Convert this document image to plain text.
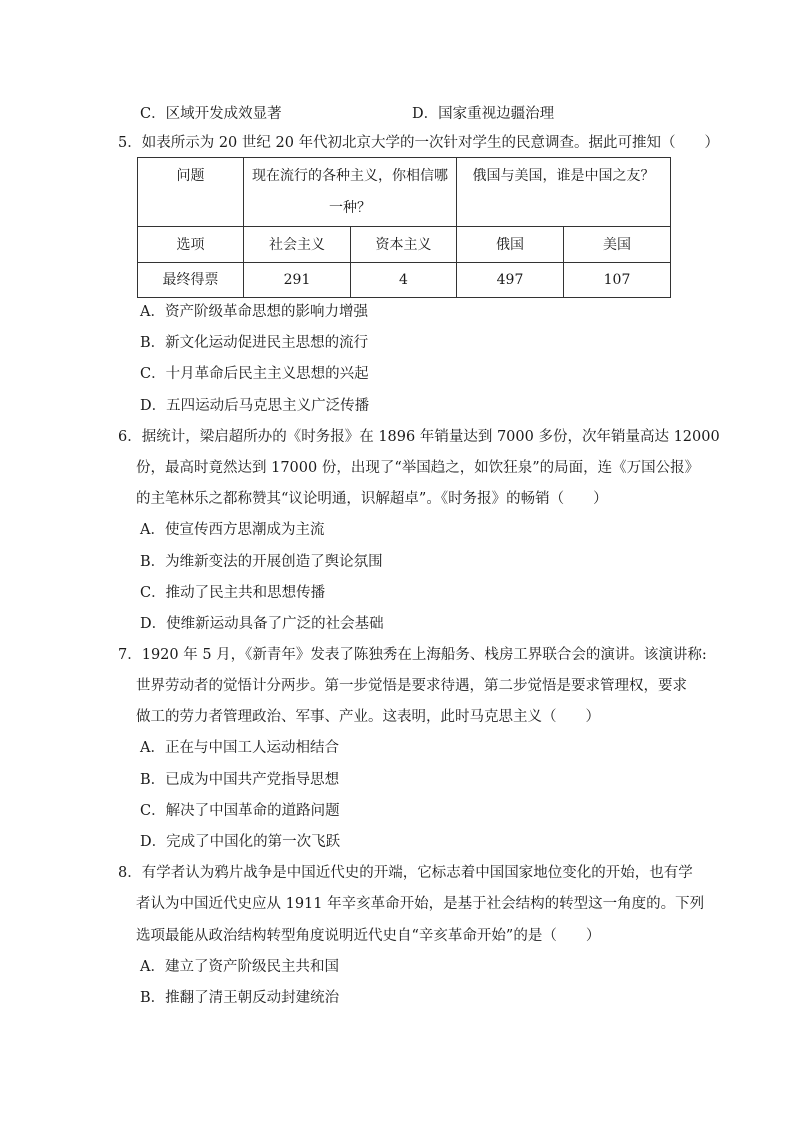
C．区域开发成效显著	D．国家重视边疆治理
5．如表所示为 20 世纪 20 年代初北京大学的一次针对学生的民意调查。据此可推知（　　）
问题	现在流行的各种主义，你相信哪一种？		俄国与美国，谁是中国之友？	
选项	社会主义	资本主义	俄国	美国
最终得票	291	4	497	107
A．资产阶级革命思想的影响力增强
B．新文化运动促进民主思想的流行
C．十月革命后民主主义思想的兴起
D．五四运动后马克思主义广泛传播
6．据统计，梁启超所办的《时务报》在 1896 年销量达到 7000 多份，次年销量高达 12000
份，最高时竟然达到 17000 份，出现了“举国趋之，如饮狂泉”的局面，连《万国公报》
的主笔林乐之都称赞其“议论明通，识解超卓”。《时务报》的畅销（　　）
A．使宣传西方思潮成为主流
B．为维新变法的开展创造了舆论氛围
C．推动了民主共和思想传播
D．使维新运动具备了广泛的社会基础
7．1920 年 5 月，《新青年》发表了陈独秀在上海船务、栈房工界联合会的演讲。该演讲称:
世界劳动者的觉悟计分两步。第一步觉悟是要求待遇，第二步觉悟是要求管理权，要求
做工的劳力者管理政治、军事、产业。这表明，此时马克思主义（　　）
A．正在与中国工人运动相结合
B．已成为中国共产党指导思想
C．解决了中国革命的道路问题
D．完成了中国化的第一次飞跃
8．有学者认为鸦片战争是中国近代史的开端，它标志着中国国家地位变化的开始，也有学
者认为中国近代史应从 1911 年辛亥革命开始，是基于社会结构的转型这一角度的。下列
选项最能从政治结构转型角度说明近代史自“辛亥革命开始”的是（　　）
A．建立了资产阶级民主共和国
B．推翻了清王朝反动封建统治
